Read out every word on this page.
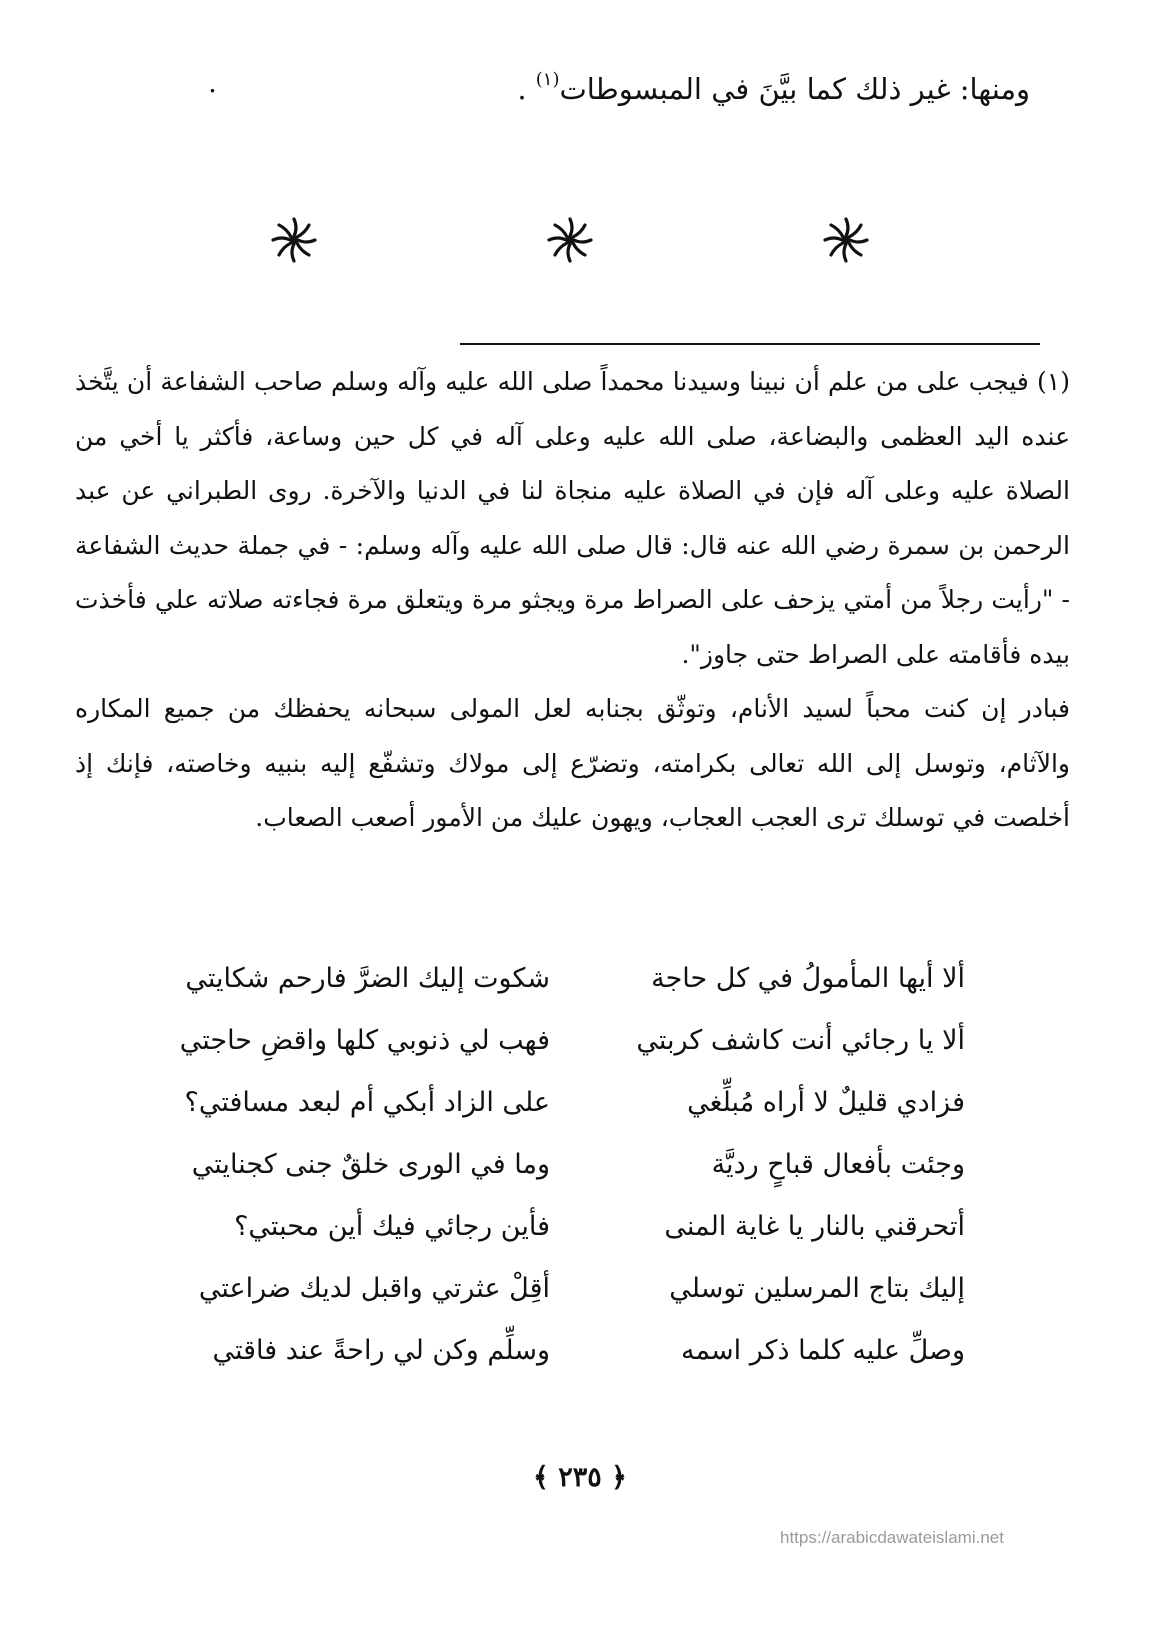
ومنها: غير ذلك كما بيَّنَ في المبسوطات$^{(١)}$ .
.

(١) فيجب على من علم أن نبينا وسيدنا محمداً صلى الله عليه وآله وسلم صاحب الشفاعة أن يتَّخذ عنده اليد العظمى والبضاعة، صلى الله عليه وعلى آله في كل حين وساعة، فأكثر يا أخي من الصلاة عليه وعلى آله فإن في الصلاة عليه منجاة لنا في الدنيا والآخرة. روى الطبراني عن عبد الرحمن بن سمرة رضي الله عنه قال: قال صلى الله عليه وآله وسلم: - في جملة حديث الشفاعة - "رأيت رجلاً من أمتي يزحف على الصراط مرة ويجثو مرة ويتعلق مرة فجاءته صلاته علي فأخذت بيده فأقامته على الصراط حتى جاوز".

فبادر إن كنت محباً لسيد الأنام، وتوثّق بجنابه لعل المولى سبحانه يحفظك من جميع المكاره والآثام، وتوسل إلى الله تعالى بكرامته، وتضرّع إلى مولاك وتشفّع إليه بنبيه وخاصته، فإنك إذ أخلصت في توسلك ترى العجب العجاب، ويهون عليك من الأمور أصعب الصعاب.

ألا أيها المأمولُ في كل حاجة
شكوت إليك الضرَّ فارحم شكايتي
ألا يا رجائي أنت كاشف كربتي
فهب لي ذنوبي كلها واقضِ حاجتي
فزادي قليلٌ لا أراه مُبلِّغي
على الزاد أبكي أم لبعد مسافتي؟
وجئت بأفعال قباحٍ رديَّة
وما في الورى خلقٌ جنى كجنايتي
أتحرقني بالنار يا غاية المنى
فأين رجائي فيك أين محبتي؟
إليك بتاج المرسلين توسلي
أقِلْ عثرتي واقبل لديك ضراعتي
وصلِّ عليه كلما ذكر اسمه
وسلِّم وكن لي راحةً عند فاقتي
﴿ ٢٣٥ ﴾
https://arabicdawateislami.net
